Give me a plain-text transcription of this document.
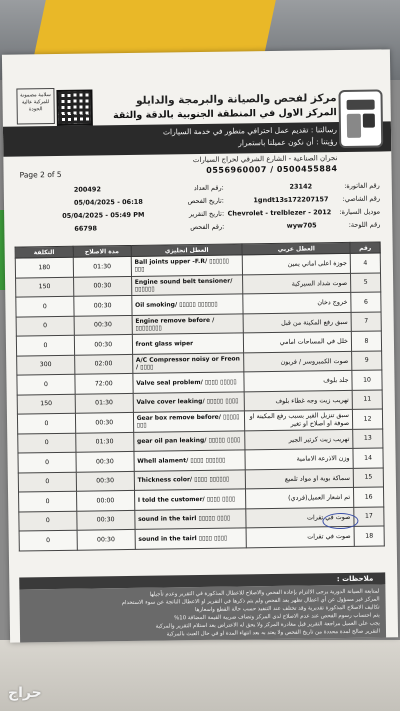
سلامة مضمونة للمركبة عالية الجودة
مركز لفحص والصيانة والبرمجة والدايلو
المركز الاول في المنطقة الجنوبية بالدقة والثقة
رسالتنا : تقديم عمل احترافي متطور في خدمة السيارات
رؤيتنا : أن نكون عميلنا باستمرار
نجران الصناعية - الشارع الشرقي لحراج السيارات
0556960007 / 0500455884
Page 2 of 5
رقم الفاتورة: 23142
رقم الشاصي: 1gndt13s172207157
موديل السيارة: Chevrolet - trelblezer - 2012
رقم اللوحة: wyw705
200492	رقم العداد:
05/04/2025 - 06:18	تاريخ الفحص:
05/04/2025 - 05:49 PM	تاريخ التقرير:
66798	رقم الفحص:
التكلفة	مدة الاصلاح	العطل انجليزي	العطل عربي	رقم
180	01:30	Ball joints upper -F.R/ ▯▯▯▯▯▯ ▯▯▯	جوزة اعلى اماني يمين	4
150	00:30	Engine sound belt tensioner/ ▯▯▯▯▯▯	صوت شداد السيركية	5
0	00:30	Oil smoking/ ▯▯▯▯▯ ▯▯▯▯▯▯	خروج دخان	6
0	00:30	Engine remove before / ▯▯▯▯▯▯▯▯	سبق رفع المكينة من قبل	7
0	00:30	front glass wiper	خلل في المساحات امامي	8
300	02:00	A/C Compressor noisy or Freon / ▯▯▯▯	صوت الكمبروسر / فريون	9
0	72:00	Valve seal problem/ ▯▯▯▯ ▯▯▯▯▯	جلد بلوف	10
150	01:30	Valve cover leaking/ ▯▯▯▯▯ ▯▯▯▯	تهريب زيت وجه غطاء بلوف	11
0	00:30	Gear box remove before/ ▯▯▯▯▯ ▯▯▯	سبق تنزيل القير بسبب رفع المكينة او صوفة او اصلاح او تغير	12
0	01:30	gear oil pan leaking/ ▯▯▯▯▯ ▯▯▯▯	تهريب زيت كرتير الجير	13
0	00:30	Whell alament/ ▯▯▯▯ ▯▯▯▯▯▯	وزن الاذرعة الامامية	14
0	00:30	Thickness color/ ▯▯▯▯ ▯▯▯▯▯▯	سماكة بوية او مواد تلميع	15
0	00:00	I told the customer/ ▯▯▯▯ ▯▯▯▯	تم اشعار العميل(فردي)	16
0	00:30	sound in the tairl ▯▯▯▯▯ ▯▯▯▯	صوت في تقرات	17
0	00:30	sound in the tairl ▯▯▯▯ ▯▯▯▯	صوت في تقرات	18
ملاحظات :
لمتابعة الصيانة الدورية يرجى الالتزام بإعادة الفحص والاصلاح للاعطال المذكورة في التقرير وعدم تأجيلها
المركز غير مسؤول عن أي اعطال تظهر بعد الفحص ولم يتم ذكرها في التقرير او الاعطال الناتجة عن سوء الاستخدام
تكاليف الاصلاح المذكورة تقديرية وقد تختلف عند التنفيذ حسب حالة القطع واسعارها
يتم احتساب رسوم الفحص عند عدم الاصلاح لدى المركز وتضاف ضريبة القيمة المضافة 10%
يجب على العميل مراجعة التقرير قبل مغادرة المركز ولا يحق له الاعتراض بعد استلام التقرير والمركبة
التقرير صالح لمدة محددة من تاريخ الفحص ولا يعتد به بعد انتهاء المدة او في حال العبث بالمركبة
حراج
